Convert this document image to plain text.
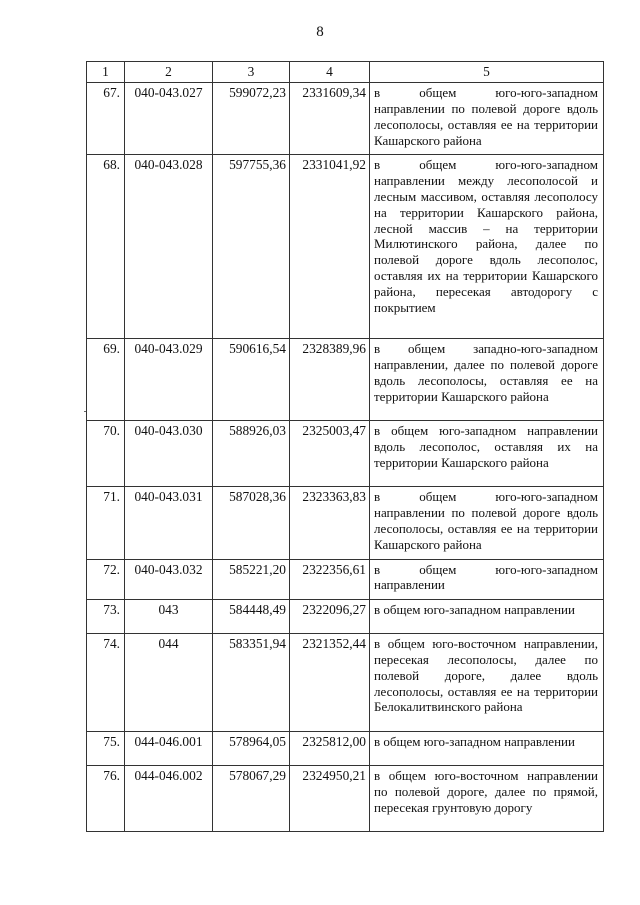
8
1	2	3	4	5
67.	040-043.027	599072,23	2331609,34	в общем юго-юго-западном направлении по полевой дороге вдоль лесополосы, оставляя ее на территории Кашарского района
68.	040-043.028	597755,36	2331041,92	в общем юго-юго-западном направлении между лесополосой и лесным массивом, оставляя лесополосу на территории Кашарского района, лесной массив – на территории Милютинского района, далее по полевой дороге вдоль лесополос, оставляя их на территории Кашарского района, пересекая автодорогу с покрытием
69.	040-043.029	590616,54	2328389,96	в общем западно-юго-западном направлении, далее по полевой дороге вдоль лесополосы, оставляя ее на территории Кашарского района
70.	040-043.030	588926,03	2325003,47	в общем юго-западном направлении вдоль лесополос, оставляя их на территории Кашарского района
71.	040-043.031	587028,36	2323363,83	в общем юго-юго-западном направлении по полевой дороге вдоль лесополосы, оставляя ее на территории Кашарского района
72.	040-043.032	585221,20	2322356,61	в общем юго-юго-западном направлении
73.	043	584448,49	2322096,27	в общем юго-западном направлении
74.	044	583351,94	2321352,44	в общем юго-восточном направлении, пересекая лесополосы, далее по полевой дороге, далее вдоль лесополосы, оставляя ее на территории Белокалитвинского района
75.	044-046.001	578964,05	2325812,00	в общем юго-западном направлении
76.	044-046.002	578067,29	2324950,21	в общем юго-восточном направлении по полевой дороге, далее по прямой, пересекая грунтовую дорогу
